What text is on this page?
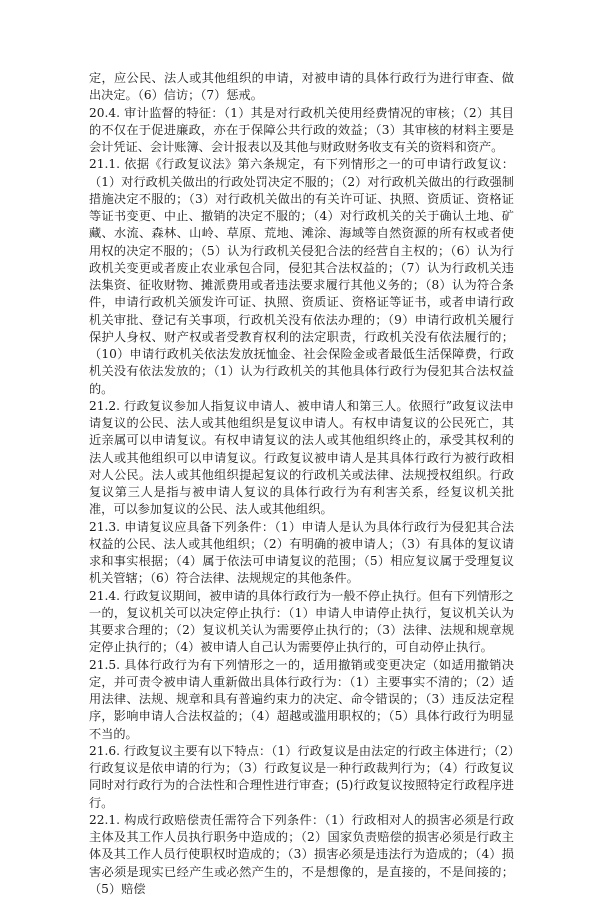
定，应公民、法人或其他组织的申请，对被申请的具体行政行为进行审查、做出决定。（6）信访；（7）惩戒。

20.4. 审计监督的特征：（1）其是对行政机关使用经费情况的审核；（2）其目的不仅在于促进廉政，亦在于保障公共行政的效益；（3）其审核的材料主要是会计凭证、会计账簿、会计报表以及其他与财政财务收支有关的资料和资产。

21.1. 依据《行政复议法》第六条规定，有下列情形之一的可申请行政复议：（1）对行政机关做出的行政处罚决定不服的；（2）对行政机关做出的行政强制措施决定不服的；（3）对行政机关做出的有关许可证、执照、资质证、资格证等证书变更、中止、撤销的决定不服的；（4）对行政机关的关于确认土地、矿藏、水流、森林、山岭、草原、荒地、滩涂、海域等自然资源的所有权或者使用权的决定不服的；（5）认为行政机关侵犯合法的经营自主权的；（6）认为行政机关变更或者废止农业承包合同，侵犯其合法权益的；（7）认为行政机关违法集资、征收财物、摊派费用或者违法要求履行其他义务的；（8）认为符合条件，申请行政机关颁发许可证、执照、资质证、资格证等证书，或者申请行政机关审批、登记有关事项，行政机关没有依法办理的；（9）申请行政机关履行保护人身权、财产权或者受教育权利的法定职责，行政机关没有依法履行的；（10）申请行政机关依法发放抚恤金、社会保险金或者最低生活保障费，行政机关没有依法发放的；（1）认为行政机关的其他具体行政行为侵犯其合法权益的。

21.2. 行政复议参加人指复议申请人、被申请人和第三人。依照行”政复议法申请复议的公民、法人或其他组织是复议申请人。有权申请复议的公民死亡，其近亲属可以申请复议。有权申请复议的法人或其他组织终止的，承受其权利的法人或其他组织可以申请复议。行政复议被申请人是其具体行政行为被行政相对人公民。法人或其他组织提起复议的行政机关或法律、法规授权组织。行政复议第三人是指与被申请人复议的具体行政行为有利害关系，经复议机关批准，可以参加复议的公民、法人或其他组织。

21.3. 申请复议应具备下列条件：（1）申请人是认为具体行政行为侵犯其合法权益的公民、法人或其他组织；（2）有明确的被申请人；（3）有具体的复议请求和事实根据；（4）属于依法可申请复议的范围；（5）相应复议属于受理复议机关管辖；（6）符合法律、法规规定的其他条件。

21.4. 行政复议期间，被申请的具体行政行为一般不停止执行。但有下列情形之一的，复议机关可以决定停止执行：（1）申请人申请停止执行，复议机关认为其要求合理的；（2）复议机关认为需要停止执行的；（3）法律、法规和规章规定停止执行的；（4）被申请人自己认为需要停止执行的，可自动停止执行。

21.5. 具体行政行为有下列情形之一的，适用撤销或变更决定（如适用撤销决定，并可责令被申请人重新做出具体行政行为：（1）主要事实不清的；（2）适用法律、法规、规章和具有普遍约束力的决定、命令错误的；（3）违反法定程序，影响申请人合法权益的；（4）超越或滥用职权的；（5）具体行政行为明显不当的。

21.6. 行政复议主要有以下特点：（1）行政复议是由法定的行政主体进行；（2）行政复议是依申请的行为；（3）行政复议是一种行政裁判行为；（4）行政复议同时对行政行为的合法性和合理性进行审查；(5)行政复议按照特定行政程序进行。

22.1. 构成行政赔偿责任需符合下列条件：（1）行政相对人的损害必须是行政主体及其工作人员执行职务中造成的；（2）国家负责赔偿的损害必须是行政主体及其工作人员行使职权时造成的；（3）损害必须是违法行为造成的；（4）损害必须是现实已经产生或必然产生的，不是想像的，是直接的，不是间接的；（5）赔偿
